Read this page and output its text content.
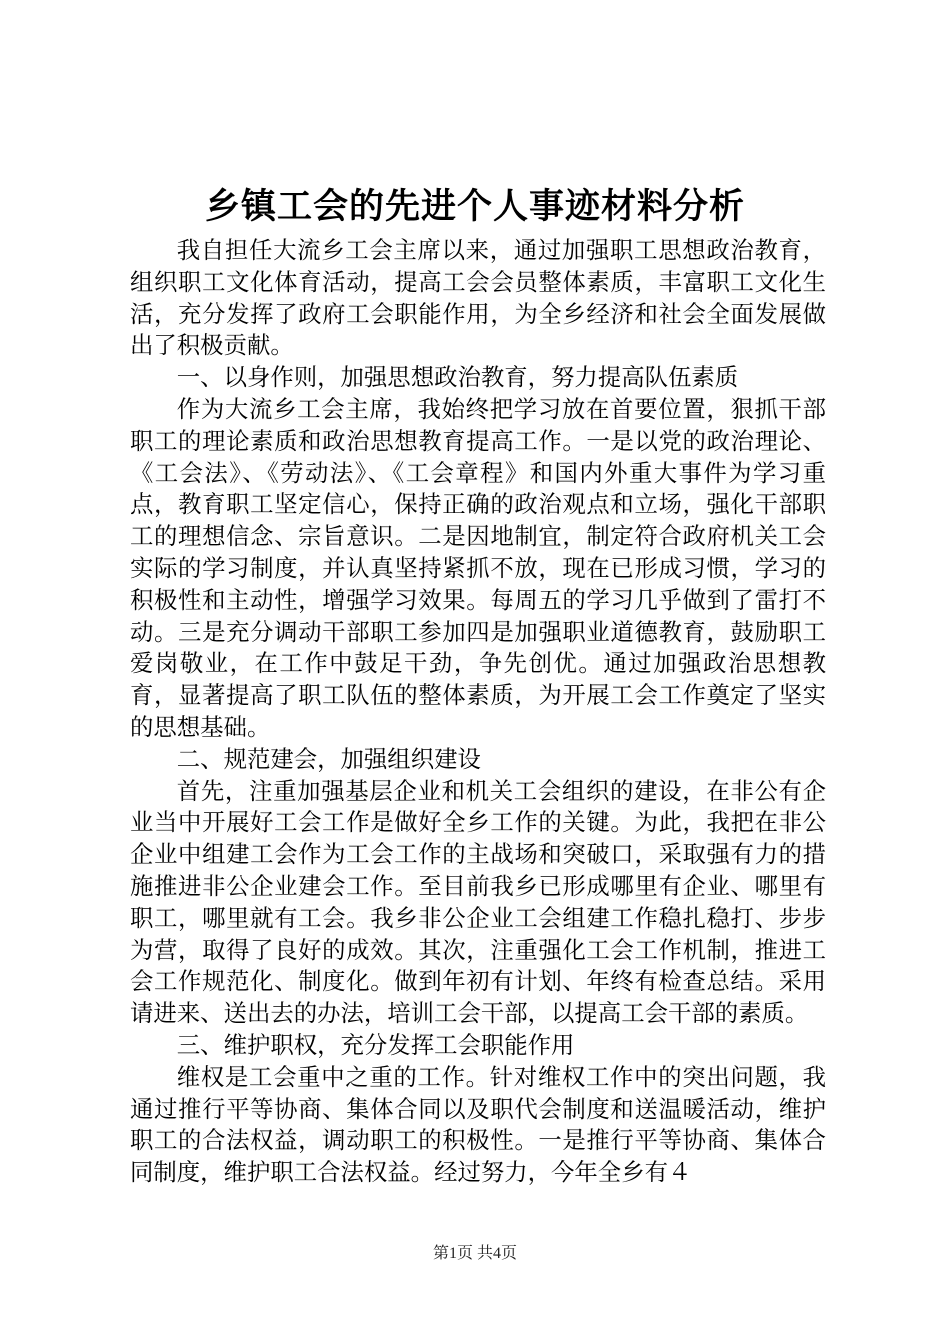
乡镇工会的先进个人事迹材料分析

我自担任大流乡工会主席以来，通过加强职工思想政治教育，组织职工文化体育活动，提高工会会员整体素质，丰富职工文化生活，充分发挥了政府工会职能作用，为全乡经济和社会全面发展做出了积极贡献。

一、以身作则，加强思想政治教育，努力提高队伍素质

作为大流乡工会主席，我始终把学习放在首要位置，狠抓干部职工的理论素质和政治思想教育提高工作。一是以党的政治理论、《工会法》、《劳动法》、《工会章程》和国内外重大事件为学习重点，教育职工坚定信心，保持正确的政治观点和立场，强化干部职工的理想信念、宗旨意识。二是因地制宜，制定符合政府机关工会实际的学习制度，并认真坚持紧抓不放，现在已形成习惯，学习的积极性和主动性，增强学习效果。每周五的学习几乎做到了雷打不动。三是充分调动干部职工参加四是加强职业道德教育，鼓励职工爱岗敬业，在工作中鼓足干劲，争先创优。通过加强政治思想教育，显著提高了职工队伍的整体素质，为开展工会工作奠定了坚实的思想基础。

二、规范建会，加强组织建设

首先，注重加强基层企业和机关工会组织的建设，在非公有企业当中开展好工会工作是做好全乡工作的关键。为此，我把在非公企业中组建工会作为工会工作的主战场和突破口，采取强有力的措施推进非公企业建会工作。至目前我乡已形成哪里有企业、哪里有职工，哪里就有工会。我乡非公企业工会组建工作稳扎稳打、步步为营，取得了良好的成效。其次，注重强化工会工作机制，推进工会工作规范化、制度化。做到年初有计划、年终有检查总结。采用请进来、送出去的办法，培训工会干部，以提高工会干部的素质。

三、维护职权，充分发挥工会职能作用

维权是工会重中之重的工作。针对维权工作中的突出问题，我通过推行平等协商、集体合同以及职代会制度和送温暖活动，维护职工的合法权益，调动职工的积极性。一是推行平等协商、集体合同制度，维护职工合法权益。经过努力，今年全乡有４

第1页 共4页
